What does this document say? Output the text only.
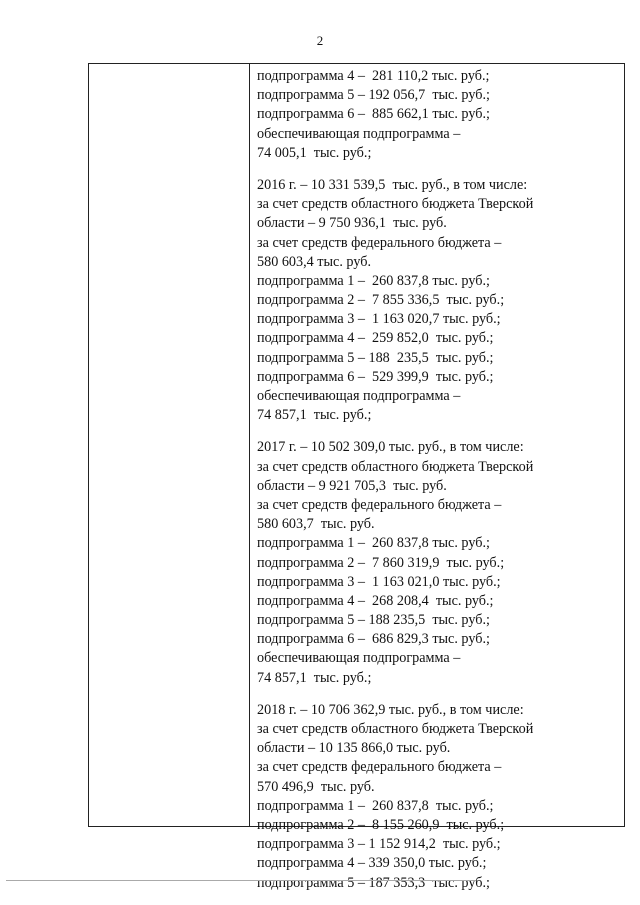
2
подпрограмма 4 –  281 110,2 тыс. руб.;
подпрограмма 5 – 192 056,7  тыс. руб.;
подпрограмма 6 –  885 662,1 тыс. руб.;
обеспечивающая подпрограмма –
74 005,1  тыс. руб.;
2016 г. – 10 331 539,5  тыс. руб., в том числе:
за счет средств областного бюджета Тверской
области – 9 750 936,1  тыс. руб.
за счет средств федерального бюджета –
580 603,4 тыс. руб.
подпрограмма 1 –  260 837,8 тыс. руб.;
подпрограмма 2 –  7 855 336,5  тыс. руб.;
подпрограмма 3 –  1 163 020,7 тыс. руб.;
подпрограмма 4 –  259 852,0  тыс. руб.;
подпрограмма 5 – 188  235,5  тыс. руб.;
подпрограмма 6 –  529 399,9  тыс. руб.;
обеспечивающая подпрограмма –
74 857,1  тыс. руб.;
2017 г. – 10 502 309,0 тыс. руб., в том числе:
за счет средств областного бюджета Тверской
области – 9 921 705,3  тыс. руб.
за счет средств федерального бюджета –
580 603,7  тыс. руб.
подпрограмма 1 –  260 837,8 тыс. руб.;
подпрограмма 2 –  7 860 319,9  тыс. руб.;
подпрограмма 3 –  1 163 021,0 тыс. руб.;
подпрограмма 4 –  268 208,4  тыс. руб.;
подпрограмма 5 – 188 235,5  тыс. руб.;
подпрограмма 6 –  686 829,3 тыс. руб.;
обеспечивающая подпрограмма –
74 857,1  тыс. руб.;
2018 г. – 10 706 362,9 тыс. руб., в том числе:
за счет средств областного бюджета Тверской
области – 10 135 866,0 тыс. руб.
за счет средств федерального бюджета –
570 496,9  тыс. руб.
подпрограмма 1 –  260 837,8  тыс. руб.;
подпрограмма 2 –  8 155 260,9  тыс. руб.;
подпрограмма 3 – 1 152 914,2  тыс. руб.;
подпрограмма 4 – 339 350,0 тыс. руб.;
подпрограмма 5 – 187 353,3  тыс. руб.;
